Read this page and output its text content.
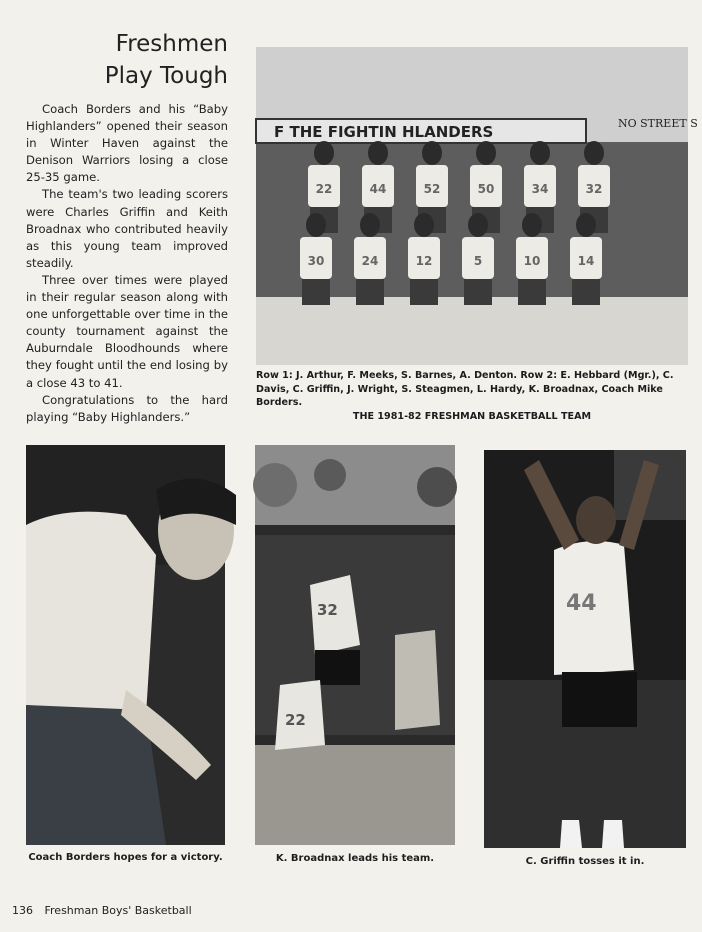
Freshmen
Play Tough

Coach Borders and his “Baby Highlanders” opened their season in Winter Haven against the Denison Warriors losing a close 25-35 game.

The team's two leading scorers were Charles Griffin and Keith Broadnax who contributed heavily as this young team improved steadily.

Three over times were played in their regular season along with one unforgettable over time in the county tournament against the Auburndale Bloodhounds where they fought until the end losing by a close 43 to 41.

Congratulations to the hard playing “Baby Highlanders.”

F THE FIGHTIN HLANDERS	NO STREET S
22	44	52	50	34	32
30	24	12	5	10	14
Row 1: J. Arthur, F. Meeks, S. Barnes, A. Denton. Row 2: E. Hebbard (Mgr.), C. Davis, C. Griffin, J. Wright, S. Steagmen, L. Hardy, K. Broadnax, Coach Mike Borders.
THE 1981-82 FRESHMAN BASKETBALL TEAM
Coach Borders hopes for a victory.
32
22
K. Broadnax leads his team.
44
C. Griffin tosses it in.
136 Freshman Boys' Basketball
